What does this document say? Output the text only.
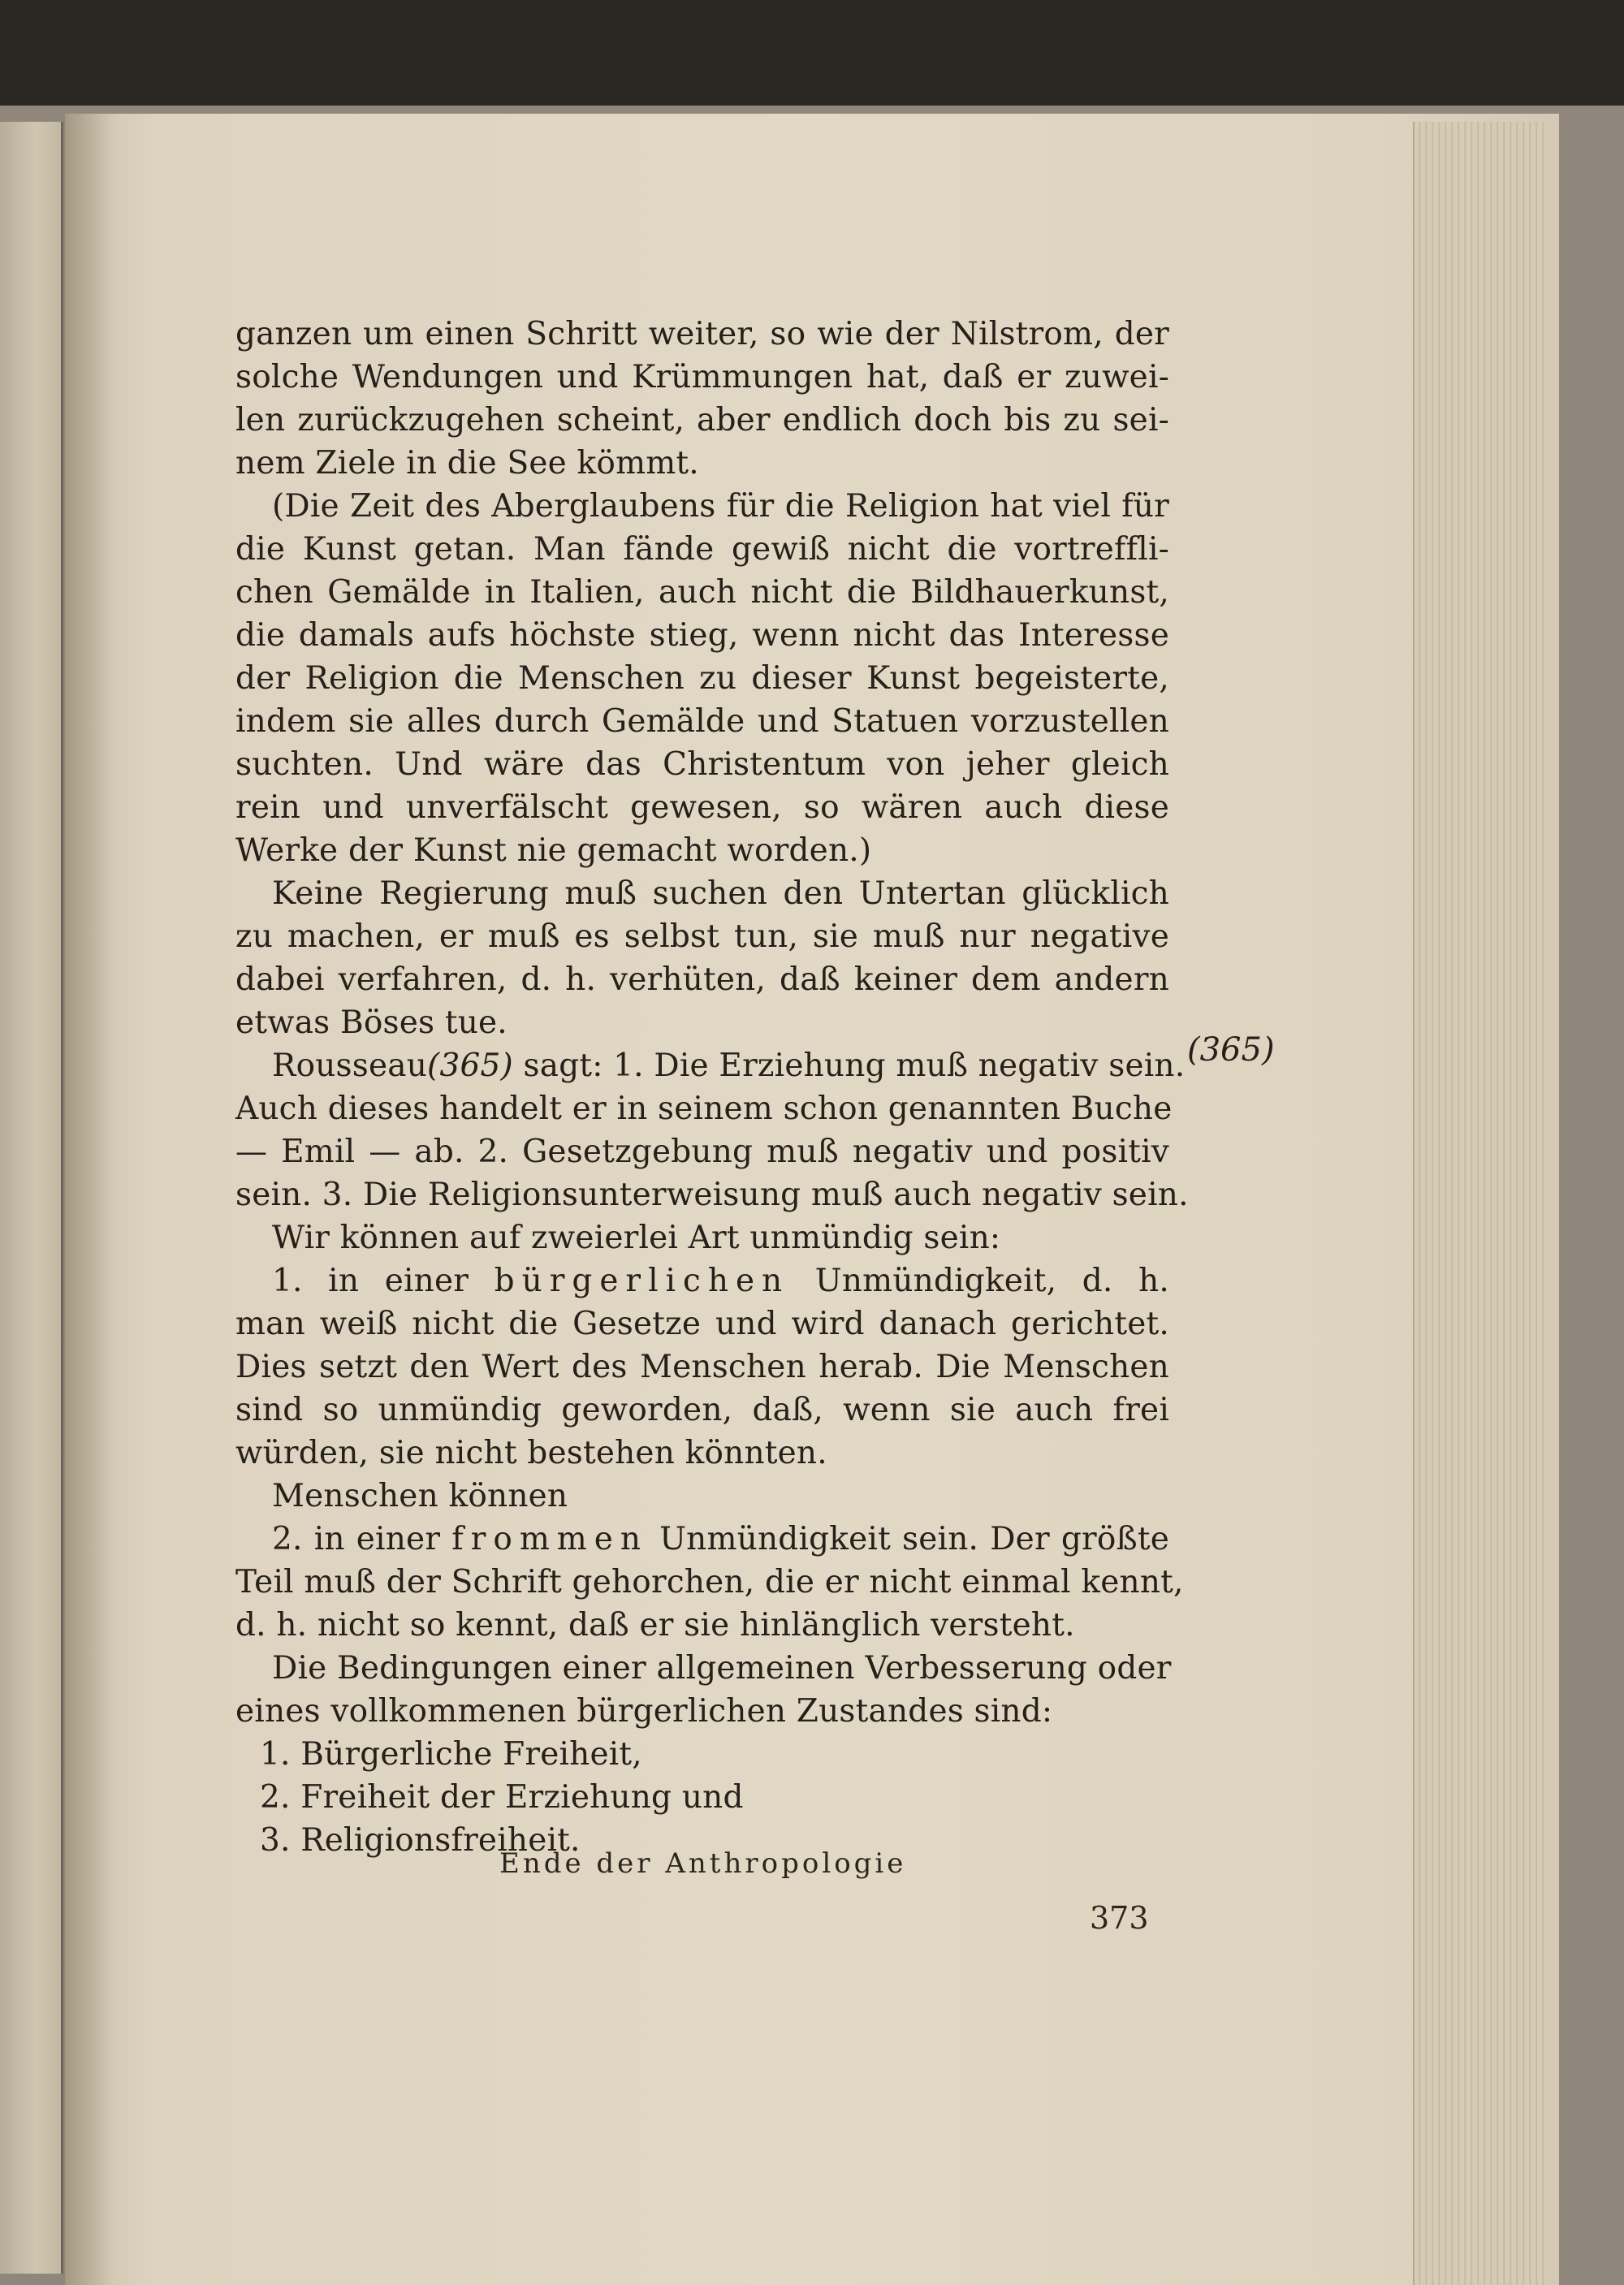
ganzen um einen Schritt weiter, so wie der Nilstrom, der
solche Wendungen und Krümmungen hat, daß er zuwei-
len zurückzugehen scheint, aber endlich doch bis zu sei-
nem Ziele in die See kömmt.
(Die Zeit des Aberglaubens für die Religion hat viel für
die Kunst getan. Man fände gewiß nicht die vortreffli-
chen Gemälde in Italien, auch nicht die Bildhauerkunst,
die damals aufs höchste stieg, wenn nicht das Interesse
der Religion die Menschen zu dieser Kunst begeisterte,
indem sie alles durch Gemälde und Statuen vorzustellen
suchten. Und wäre das Christentum von jeher gleich
rein und unverfälscht gewesen, so wären auch diese
Werke der Kunst nie gemacht worden.)
Keine Regierung muß suchen den Untertan glücklich
zu machen, er muß es selbst tun, sie muß nur negative
dabei verfahren, d. h. verhüten, daß keiner dem andern
etwas Böses tue.
Rousseau(365) sagt: 1. Die Erziehung muß negativ sein.
Auch dieses handelt er in seinem schon genannten Buche
— Emil — ab. 2. Gesetzgebung muß negativ und positiv
sein. 3. Die Religionsunterweisung muß auch negativ sein.
Wir können auf zweierlei Art unmündig sein:
1. in einer bürgerlichen Unmündigkeit, d. h.
man weiß nicht die Gesetze und wird danach gerichtet.
Dies setzt den Wert des Menschen herab. Die Menschen
sind so unmündig geworden, daß, wenn sie auch frei
würden, sie nicht bestehen könnten.
Menschen können
2. in einer frommen Unmündigkeit sein. Der größte
Teil muß der Schrift gehorchen, die er nicht einmal kennt,
d. h. nicht so kennt, daß er sie hinlänglich versteht.
Die Bedingungen einer allgemeinen Verbesserung oder
eines vollkommenen bürgerlichen Zustandes sind:
1. Bürgerliche Freiheit,
2. Freiheit der Erziehung und
3. Religionsfreiheit.
(365)
Ende der Anthropologie
373
